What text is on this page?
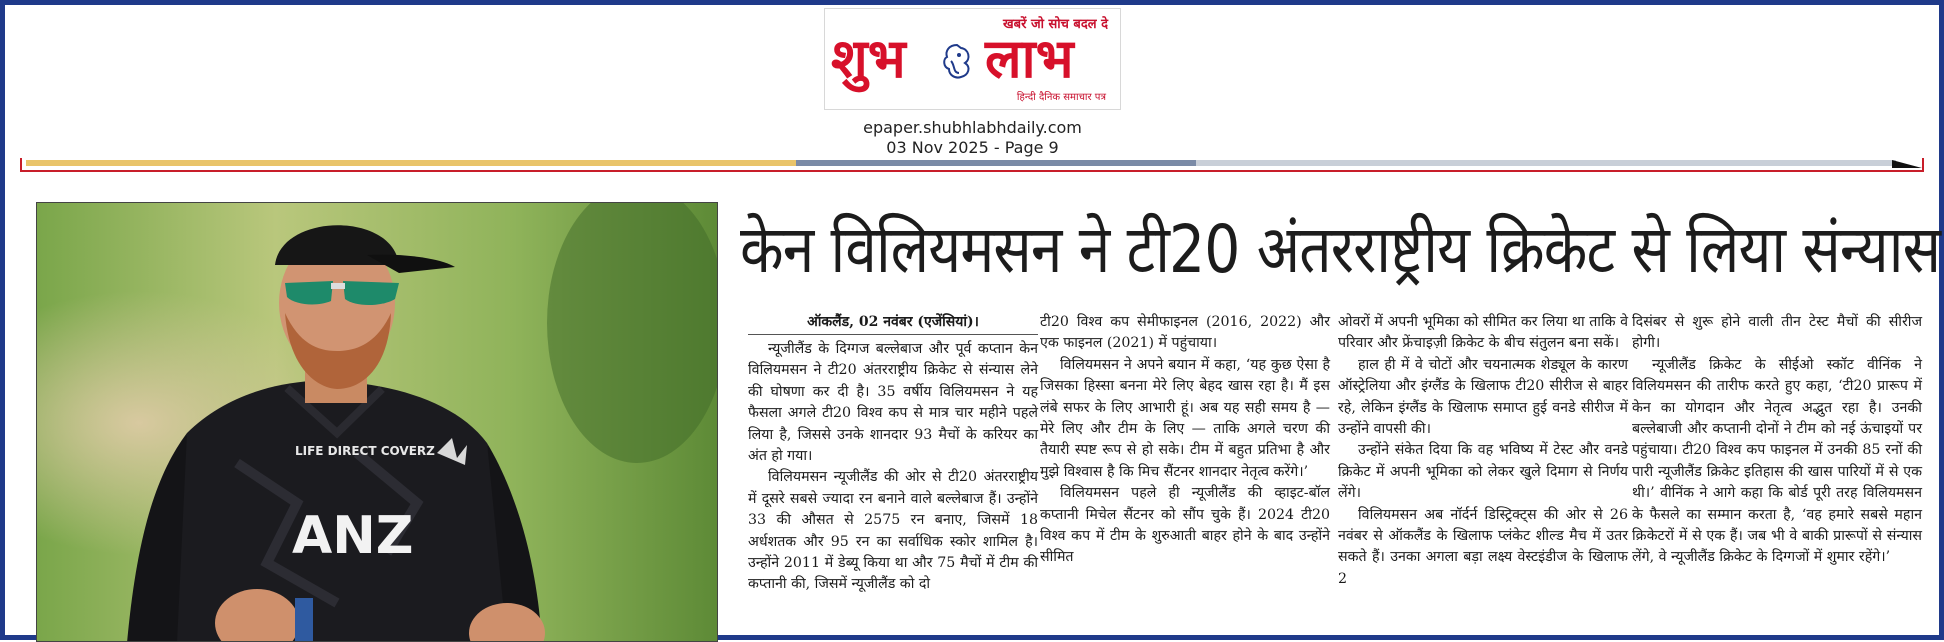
खबरें जो सोच बदल दे
शुभ लाभ
हिन्दी दैनिक समाचार पत्र
epaper.shubhlabhdaily.com
03 Nov 2025 - Page 9
ANZ
LIFE DIRECT COVERZ
केन विलियमसन ने टी20 अंतरराष्ट्रीय क्रिकेट से लिया संन्यास
ऑकलैंड, 02 नवंबर (एजेंसियां)।

न्यूजीलैंड के दिग्गज बल्लेबाज और पूर्व कप्तान केन विलियमसन ने टी20 अंतरराष्ट्रीय क्रिकेट से संन्यास लेने की घोषणा कर दी है। 35 वर्षीय विलियमसन ने यह फैसला अगले टी20 विश्व कप से मात्र चार महीने पहले लिया है, जिससे उनके शानदार 93 मैचों के करियर का अंत हो गया।

विलियमसन न्यूजीलैंड की ओर से टी20 अंतरराष्ट्रीय में दूसरे सबसे ज्यादा रन बनाने वाले बल्लेबाज हैं। उन्होंने 33 की औसत से 2575 रन बनाए, जिसमें 18 अर्धशतक और 95 रन का सर्वाधिक स्कोर शामिल है। उन्होंने 2011 में डेब्यू किया था और 75 मैचों में टीम की कप्तानी की, जिसमें न्यूजीलैंड को दो

टी20 विश्व कप सेमीफाइनल (2016, 2022) और एक फाइनल (2021) में पहुंचाया।

विलियमसन ने अपने बयान में कहा, ‘यह कुछ ऐसा है जिसका हिस्सा बनना मेरे लिए बेहद खास रहा है। मैं इस लंबे सफर के लिए आभारी हूं। अब यह सही समय है — मेरे लिए और टीम के लिए — ताकि अगले चरण की तैयारी स्पष्ट रूप से हो सके। टीम में बहुत प्रतिभा है और मुझे विश्वास है कि मिच सैंटनर शानदार नेतृत्व करेंगे।’

विलियमसन पहले ही न्यूजीलैंड की व्हाइट-बॉल कप्तानी मिचेल सैंटनर को सौंप चुके हैं। 2024 टी20 विश्व कप में टीम के शुरुआती बाहर होने के बाद उन्होंने सीमित

ओवरों में अपनी भूमिका को सीमित कर लिया था ताकि वे परिवार और फ्रेंचाइज़ी क्रिकेट के बीच संतुलन बना सकें।

हाल ही में वे चोटों और चयनात्मक शेड्यूल के कारण ऑस्ट्रेलिया और इंग्लैंड के खिलाफ टी20 सीरीज से बाहर रहे, लेकिन इंग्लैंड के खिलाफ समाप्त हुई वनडे सीरीज में उन्होंने वापसी की।

उन्होंने संकेत दिया कि वह भविष्य में टेस्ट और वनडे क्रिकेट में अपनी भूमिका को लेकर खुले दिमाग से निर्णय लेंगे।

विलियमसन अब नॉर्दर्न डिस्ट्रिक्ट्स की ओर से 26 नवंबर से ऑकलैंड के खिलाफ प्लंकेट शील्ड मैच में उतर सकते हैं। उनका अगला बड़ा लक्ष्य वेस्टइंडीज के खिलाफ 2

दिसंबर से शुरू होने वाली तीन टेस्ट मैचों की सीरीज होगी।

न्यूजीलैंड क्रिकेट के सीईओ स्कॉट वीनिंक ने विलियमसन की तारीफ करते हुए कहा, ‘टी20 प्रारूप में केन का योगदान और नेतृत्व अद्भुत रहा है। उनकी बल्लेबाजी और कप्तानी दोनों ने टीम को नई ऊंचाइयों पर पहुंचाया। टी20 विश्व कप फाइनल में उनकी 85 रनों की पारी न्यूजीलैंड क्रिकेट इतिहास की खास पारियों में से एक थी।’ वीनिंक ने आगे कहा कि बोर्ड पूरी तरह विलियमसन के फैसले का सम्मान करता है, ‘वह हमारे सबसे महान क्रिकेटरों में से एक हैं। जब भी वे बाकी प्रारूपों से संन्यास लेंगे, वे न्यूजीलैंड क्रिकेट के दिग्गजों में शुमार रहेंगे।’
